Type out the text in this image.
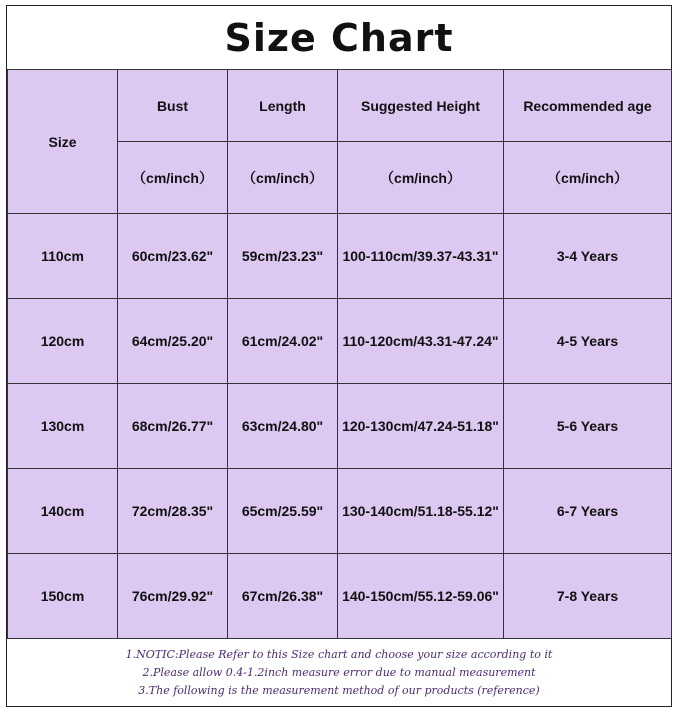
Size Chart
Size	Bust	Length	Suggested Height	Recommended age
	（cm/inch）	（cm/inch）	（cm/inch）	（cm/inch）
110cm	60cm/23.62"	59cm/23.23"	100-110cm/39.37-43.31"	3-4 Years
120cm	64cm/25.20"	61cm/24.02"	110-120cm/43.31-47.24"	4-5 Years
130cm	68cm/26.77"	63cm/24.80"	120-130cm/47.24-51.18"	5-6 Years
140cm	72cm/28.35"	65cm/25.59"	130-140cm/51.18-55.12"	6-7 Years
150cm	76cm/29.92"	67cm/26.38"	140-150cm/55.12-59.06"	7-8 Years
1.NOTIC:Please Refer to this Size chart and choose your size according to it
2.Please allow 0.4-1.2inch measure error due to manual measurement
3.The following is the measurement method of our products (reference)
